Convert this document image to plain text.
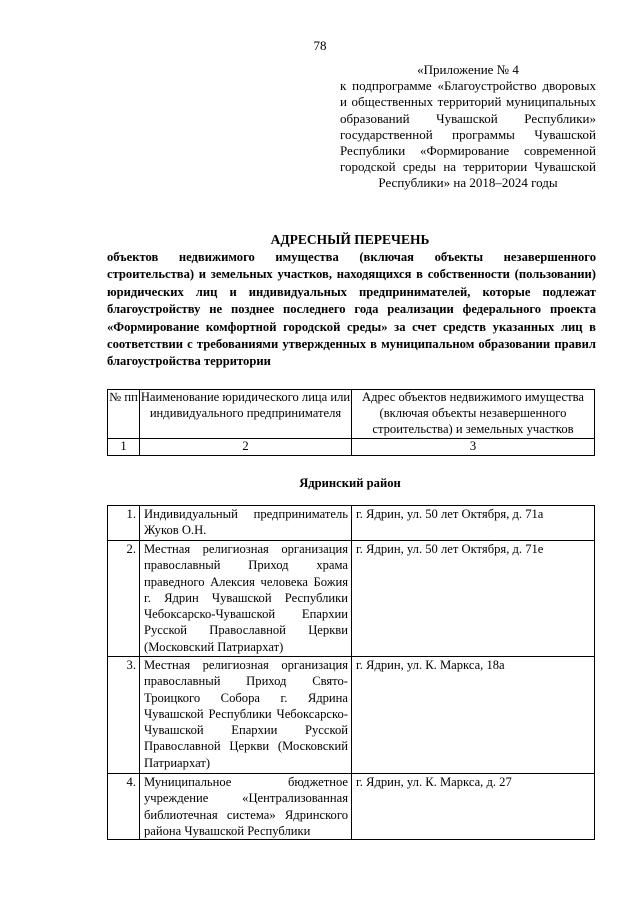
78
«Приложение № 4
к подпрограмме «Благоустройство дворовых и общественных территорий муниципальных образований Чувашской Республики» государственной программы Чувашской Республики «Формирование современной городской среды на территории Чувашской Республики» на 2018–2024 годы
АДРЕСНЫЙ ПЕРЕЧЕНЬ
объектов недвижимого имущества (включая объекты незавершенного строительства) и земельных участков, находящихся в собственности (пользовании) юридических лиц и индивидуальных предпринимателей, которые подлежат благоустройству не позднее последнего года реализации федерального проекта «Формирование комфортной городской среды» за счет средств указанных лиц в соответствии с требованиями утвержденных в муниципальном образовании правил благоустройства территории
№ пп	Наименование юридического лица или индивидуального предпринимателя	Адрес объектов недвижимого имущества (включая объекты незавершенного строительства) и земельных участков
1	2	3
Ядринский район
1.	Индивидуальный предприниматель Жуков О.Н.	г. Ядрин, ул. 50 лет Октября, д. 71а
2.	Местная религиозная организация православный Приход храма праведного Алексия человека Божия г. Ядрин Чувашской Республики Чебоксарско-Чувашской Епархии Русской Православной Церкви (Московский Патриархат)	г. Ядрин, ул. 50 лет Октября, д. 71е
3.	Местная религиозная организация православный Приход Свято-Троицкого Собора г. Ядрина Чувашской Республики Чебоксарско-Чувашской Епархии Русской Православной Церкви (Московский Патриархат)	г. Ядрин, ул. К. Маркса, 18а
4.	Муниципальное бюджетное учреждение «Централизованная библиотечная система» Ядринского района Чувашской Республики	г. Ядрин, ул. К. Маркса, д. 27
